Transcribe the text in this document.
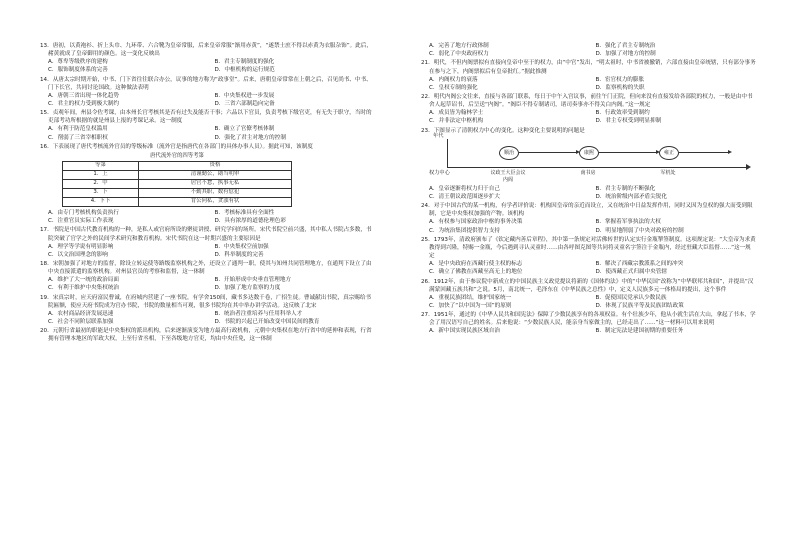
13．唐初，以黄袍衫、折上头巾、九环带、六合靴为皇帝常服，后来皇帝常服“渐用赤黄”，“遂禁士庶不得以赤黄为衣服杂饰”。此后，赭黄就成了皇帝御用的颜色。这一变化反映出
A．尊卑等级秩序的建构	B．君主专制制度的强化
C．服饰制度体系的完善	D．中枢机构的运行规范
14．从唐太宗时期开始，中书、门下省往往联合办公，议事的地方称为“政事堂”。后来，唐朝皇帝常常在上朝之后，召见尚书、中书、门下长官，共同讨论国政。这种做法表明
A．唐朝三省出现一体化趋势	B．中央集权进一步发展
C．君主的权力受到极大制约	D．三省六部制趋向完备
15．贞观年间，州县令佐考课，由本州长官考核其是否有过失及能否干事；六品以下官员，负责考核下级官吏，有无失于职守，当时的吏部考功所根据的就是州县上报的考课记录。这一制度
A．有利于防范皇权滥用	B．确立了官僚考核体制
C．削弱了三省宰相职权	D．强化了君主对地方的控制
16．下表展现了唐代考核流外官员的等级标准（流外官是指唐代在各部门的具体办事人员）。据此可知，该制度
唐代流外官的四等考第	
等第	资格
1．上	清谨勤公，勘当明审
2．中	居官不怠，执事无私
3．下	不勤其职，数有愆犯
4．下下	背公向私，贪浊有状
A．由专门考核机构负责执行	B．考核标准具有全面性
C．注重官员实际工作表现	D．具有浓厚的道德伦理色彩
17．书院是中国古代教育机构的一种，是私人或官府所设的聚徒讲授、研究学问的场所。宋代书院空前兴盛，其中私人书院占多数，书院突破了官学之外的民间学术研究和教育机构。宋代书院在这一时期兴盛的主要原因是
A．理学等学说有明显影响	B．中央集权空前加强
C．以文治国理念的影响	D．科举制度的完善
18．宋朝加强了对地方的监督，除设立转运使等路级监察机构之外，还设立了通判一职，使其与知州共同管理地方，在通判下设立了由中央直接派遣的监察机构。对州县官员的考察和监督，这一体制
A．维护了大一统的政治局面	B．开始形成中央垂直管理地方
C．有利于维护中央集权统治	D．加强了地方监察的力度
19．宋真宗时，应天府富民曹诚，在府城内营建了一座书院，有学舍150间，藏书多达数千卷，广招生徒。曹诚献出书院，真宗赐给书院匾额，使应天府书院成为官办书院，书院的数量相当可观，很多书院均在其中举办讲学活动。这反映了北宋
A．农村商品经济发展迅速	B．统治者注重培养与任用科举人才
C．社会不同阶层联系加强	D．书院的兴起已开始改变中国民间的教育
20．元朝行省最初的职能是中央集权的派出机构，后来逐渐演变为地方最高行政机构，元朝中央集权在地方行省中的延伸和表现，行省拥有管理本地区的军政大权，上至行省丞相，下至各级地方官吏，均由中央任免，这一体制
A．完善了地方行政体制	B．强化了君主专制统治
C．弱化了中央政府权力	D．加强了对地方的控制
21．明代，不但内阁票拟有直接向皇帝中至于的权力，由“中官”发出，“明太祖时，中书省被撤销，六部直接由皇帝统辖，只有部分事务在参与之下，内阁票拟后有皇帝批红。”据此推测
A．内阁权力的衰落	B．宦官权力的膨胀
C．皇权专制的强化	D．监察机构的失职
22．明代内阁公文往来，直接与各部门联系，每日于中午入宫议事，前往午门正院，但向来没有直接发给各部院的权力，一般是由中书舍人起草诏书，后呈送“内阁”。“阁臣不得专制诸司，诸司奏事亦不得关白内阁。”这一规定
A．成员皆为翰林学士	B．行政效率受到制约
C．并非法定中枢机构	D．君主专权受到明显抑制
23．下图显示了清朝权力中心的变化。这种变化主要说明的问题是
年代
权力中心
顺治
议政王大臣会议
康熙
南书房
雍正
军机处
内阁
A．皇帝逐渐将权力归于自己	B．君主专制的不断强化
C．清王朝议政范围逐步扩大	D．统治阶级内部矛盾尖锐化
24．对于中国古代的某一机构，有学者评价说：机构因皇帝的亲近而设立，又在统治中日益发挥作用，同时又因为皇权的强大而受到限制，它是中央集权加强的产物。该机构
A．有权参与国家政治中枢的事务决策	B．掌握着军事执法的大权
C．为统治集团提供智力支持	D．明显地削弱了中央对政府的控制
25．1793年，清政府颁布了《钦定藏内善后章程》，其中第一条规定对活佛转世的认定实行金瓶掣签制度。这项规定说：“大皇帝为求黄教得到兴隆，特赐一金瓶，今后遇到寻认灵童时……由各呼图克图等共同将灵童名字签注于金瓶内，经过驻藏大臣监督……”这一规定
A．是中央政府在西藏行使主权的标志	B．解决了西藏宗教派系之间的冲突
C．确立了佛教在西藏至高无上的地位	D．使西藏正式归属中央管辖
26．1912年，由于参议院中新成立的中国民族主义政党提议将新的《国体约法》中的“中华民国”改称为“中华联邦共和国”，并提出“汉满蒙回藏五族共和”之说。5月，南北统一，毛泽东在《中华民族之总性》中，定义人民族多元一体格局的提出，这个事件
A．重视民族团结，维护国家统一	B．促使国民党承认少数民族
C．加快了“以中国为一国”的原则	D．体现了民族平等及民族团结政策
27．1951年，通过的《中华人民共和国宪法》保障了少数民族享有的各项权益。有个壮族少年，他从小就生活在大山，拿起了书本，学会了用汉语写自己的姓名。后来他说：“少数民族人民，能亲身当家做主的，已经走出了……”这一材料可以用来说明
A．新中国实现民族区域自治	B．制定宪法是建国初期的重要任务
